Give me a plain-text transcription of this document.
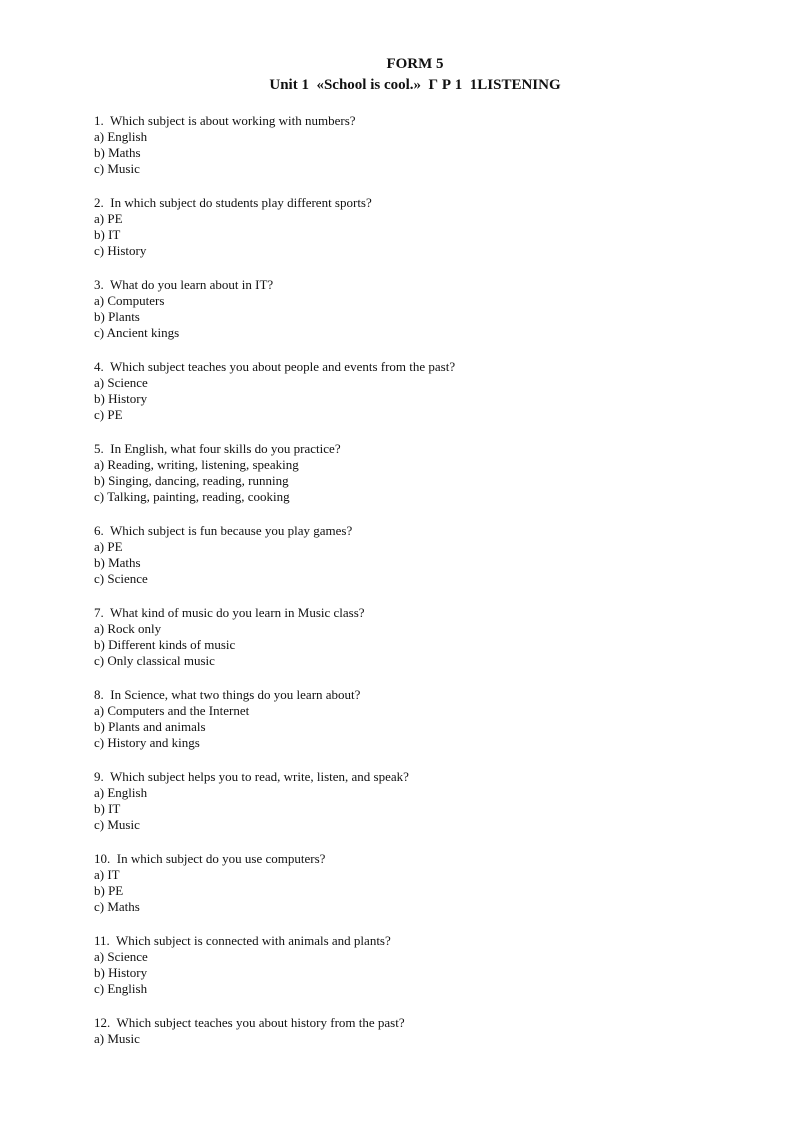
FORM 5
Unit 1  «School is cool.»  Г Р 1  1LISTENING
1.  Which subject is about working with numbers?
a) English
b) Maths
c) Music
2.  In which subject do students play different sports?
a) PE
b) IT
c) History
3.  What do you learn about in IT?
a) Computers
b) Plants
c) Ancient kings
4.  Which subject teaches you about people and events from the past?
a) Science
b) History
c) PE
5.  In English, what four skills do you practice?
a) Reading, writing, listening, speaking
b) Singing, dancing, reading, running
c) Talking, painting, reading, cooking
6.  Which subject is fun because you play games?
a) PE
b) Maths
c) Science
7.  What kind of music do you learn in Music class?
a) Rock only
b) Different kinds of music
c) Only classical music
8.  In Science, what two things do you learn about?
a) Computers and the Internet
b) Plants and animals
c) History and kings
9.  Which subject helps you to read, write, listen, and speak?
a) English
b) IT
c) Music
10.  In which subject do you use computers?
a) IT
b) PE
c) Maths
11.  Which subject is connected with animals and plants?
a) Science
b) History
c) English
12.  Which subject teaches you about history from the past?
a) Music
